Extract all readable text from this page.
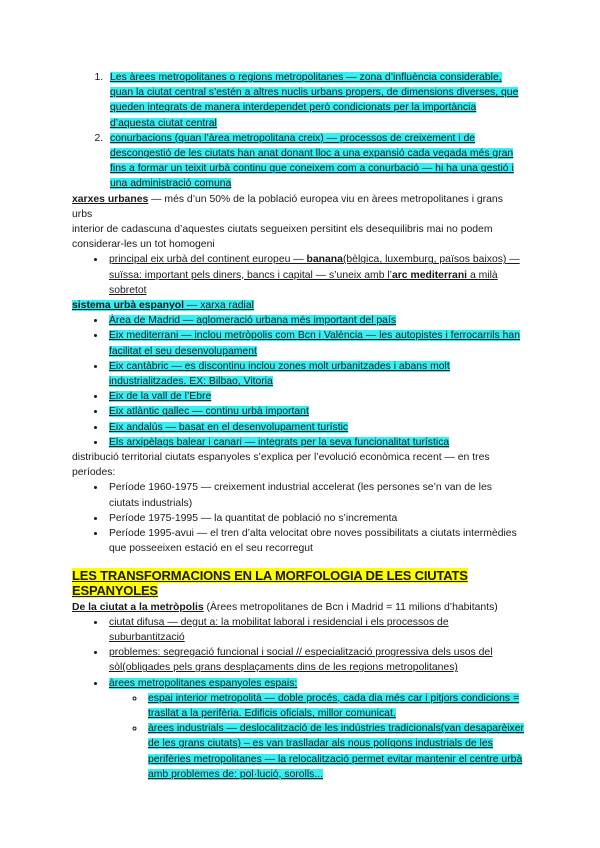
1. Les àrees metropolitanes o regions metropolitanes — zona d’influència considerable, quan la ciutat central s’estén a altres nuclis urbans propers, de dimensions diverses, que queden integrats de manera interdependet però condicionats per la importància d’aquesta ciutat central
2. conurbacions (quan l’àrea metropolitana creix) — processos de creixement i de descongestió de les ciutats han anat donant lloc a una expansió cada vegada més gran fins a formar un teixit urbà continu que coneixem com a conurbació — hi ha una gestió i una administració comuna

xarxes urbanes — més d’un 50% de la població europea viu en àrees metropolitanes i grans urbs

interior de cadascuna d’aquestes ciutats segueixen persitint els desequilibris mai no podem considerar-les un tot homogeni

• principal eix urbà del continent europeu — banana(bèlgica, luxemburg, països baixos) — suïssa: important pels diners, bancs i capital — s’uneix amb l’arc mediterrani a milà sobretot

sistema urbà espanyol — xarxa radial

• Àrea de Madrid — aglomeració urbana més important del país
• Eix mediterrani — inclou metròpolis com Bcn i València — les autopistes i ferrocarrils han facilitat el seu desenvolupament
• Eix cantàbric — es discontinu inclou zones molt urbanitzades i abans molt industrialitzades. EX: Bilbao, Vitoria
• Eix de la vall de l’Ebre
• Eix atlàntic gallec — continu urbà important
• Eix andalús — basat en el desenvolupament turístic
• Els arxipèlags balear i canari — integrats per la seva funcionalitat turística

distribució territorial ciutats espanyoles s’explica per l’evolució econòmica recent — en tres períodes:

• Període 1960-1975 — creixement industrial accelerat (les persones se’n van de les ciutats industrials)
• Període 1975-1995 — la quantitat de població no s’incrementa
• Període 1995-avui — el tren d’alta velocitat obre noves possibilitats a ciutats intermèdies que posseeixen estació en el seu recorregut
LES TRANSFORMACIONS EN LA MORFOLOGIA DE LES CIUTATS ESPANYOLES

De la ciutat a la metròpolis (Àrees metropolitanes de Bcn i Madrid = 11 milions d’habitants)

• ciutat difusa — degut a: la mobilitat laboral i residencial i els processos de suburbantització
• problemes: segregació funcional i social // especialització progressiva dels usos del sòl(obligades pels grans desplaçaments dins de les regions metropolitanes)
• àrees metropolitanes espanyoles espais:
◦ espai interior metropolità — doble procés, cada dia més car i pitjors condicions = trasllat a la perifèria. Edificis oficials, millor comunicat.
◦ àrees industrials — deslocalització de les indústries tradicionals(van desaparèixer de les grans ciutats) – es van traslladar als nous polígons industrials de les perifèries metropolitanes — la relocalització permet evitar mantenir el centre urbà amb problemes de: pol·lució, sorolls...
